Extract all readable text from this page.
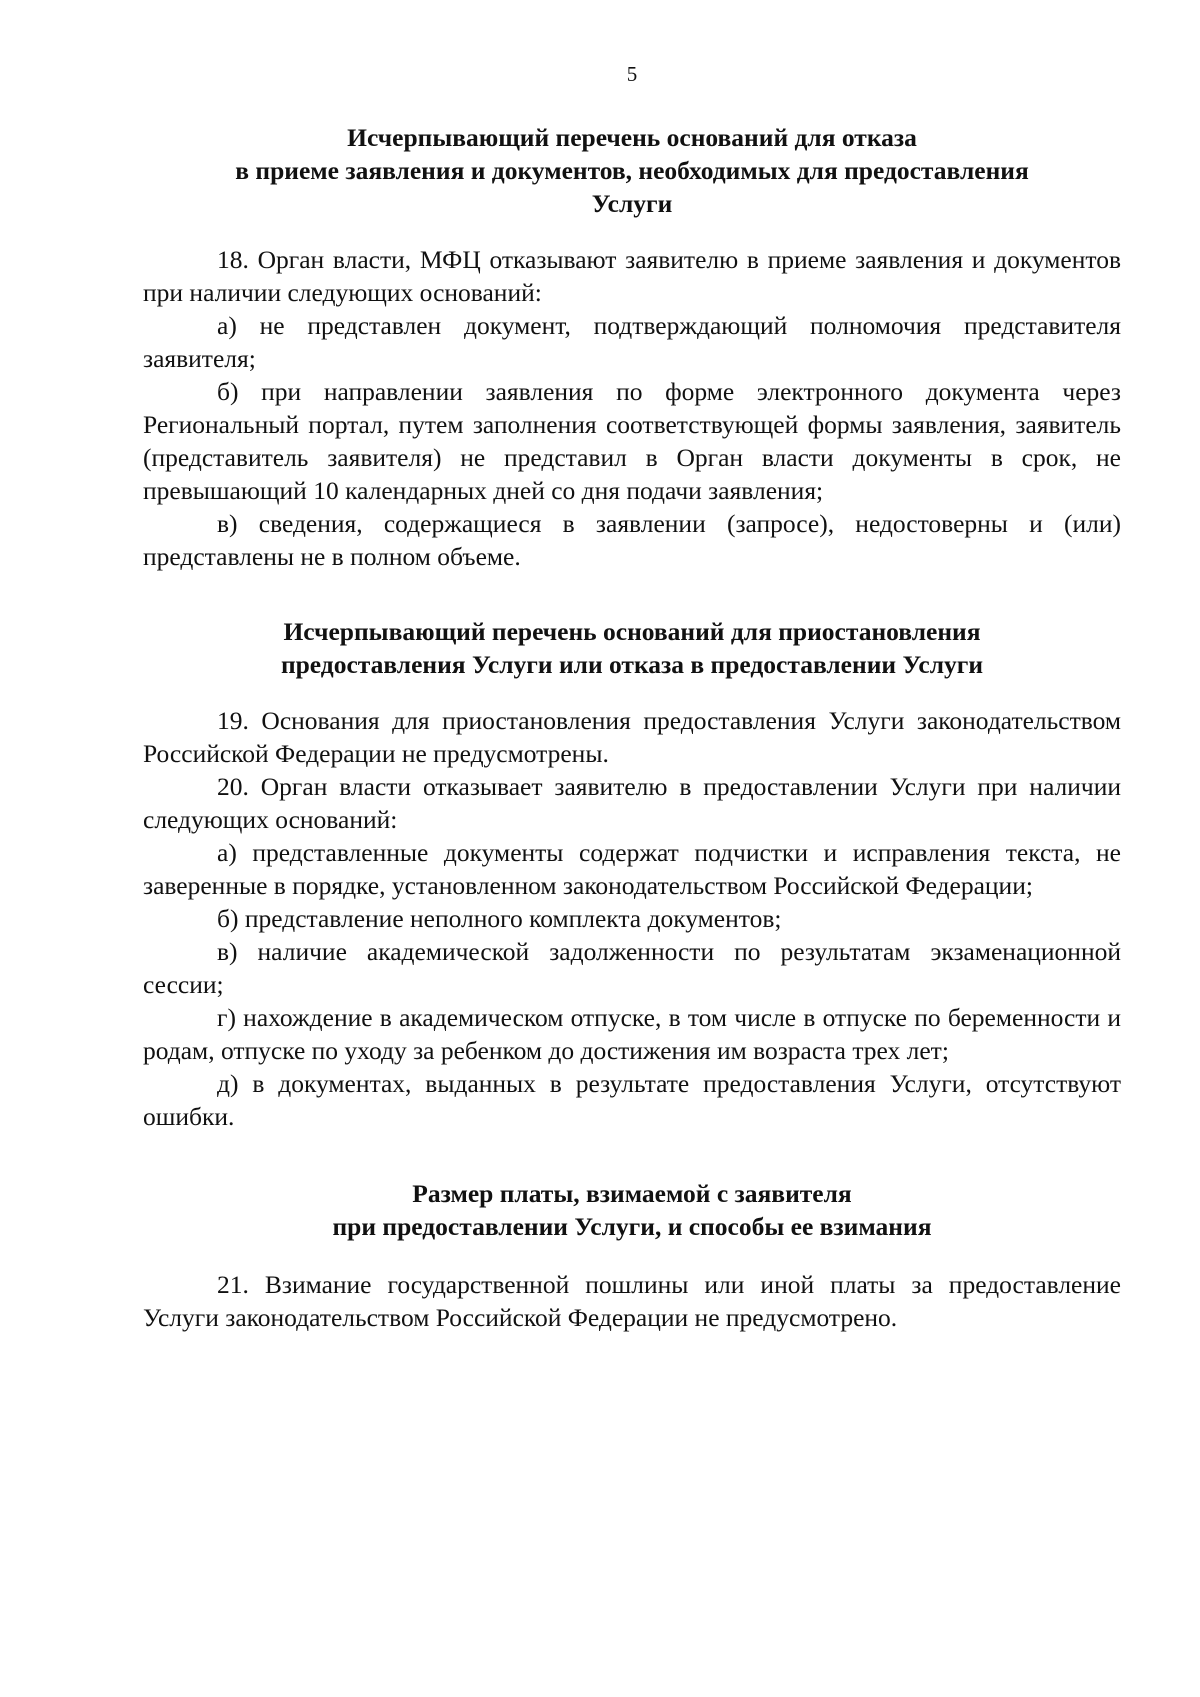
5
Исчерпывающий перечень оснований для отказа
в приеме заявления и документов, необходимых для предоставления
Услуги

18. Орган власти, МФЦ отказывают заявителю в приеме заявления и документов при наличии следующих оснований:

а) не представлен документ, подтверждающий полномочия представителя заявителя;

б) при направлении заявления по форме электронного документа через Региональный портал, путем заполнения соответствующей формы заявления, заявитель (представитель заявителя) не представил в Орган власти документы в срок, не превышающий 10 календарных дней со дня подачи заявления;

в) сведения, содержащиеся в заявлении (запросе), недостоверны и (или) представлены не в полном объеме.

Исчерпывающий перечень оснований для приостановления
предоставления Услуги или отказа в предоставлении Услуги

19. Основания для приостановления предоставления Услуги законодательством Российской Федерации не предусмотрены.

20. Орган власти отказывает заявителю в предоставлении Услуги при наличии следующих оснований:

а) представленные документы содержат подчистки и исправления текста, не заверенные в порядке, установленном законодательством Российской Федерации;

б) представление неполного комплекта документов;

в) наличие академической задолженности по результатам экзаменационной сессии;

г) нахождение в академическом отпуске, в том числе в отпуске по беременности и родам, отпуске по уходу за ребенком до достижения им возраста трех лет;

д) в документах, выданных в результате предоставления Услуги, отсутствуют ошибки.

Размер платы, взимаемой с заявителя
при предоставлении Услуги, и способы ее взимания

21. Взимание государственной пошлины или иной платы за предоставление Услуги законодательством Российской Федерации не предусмотрено.
